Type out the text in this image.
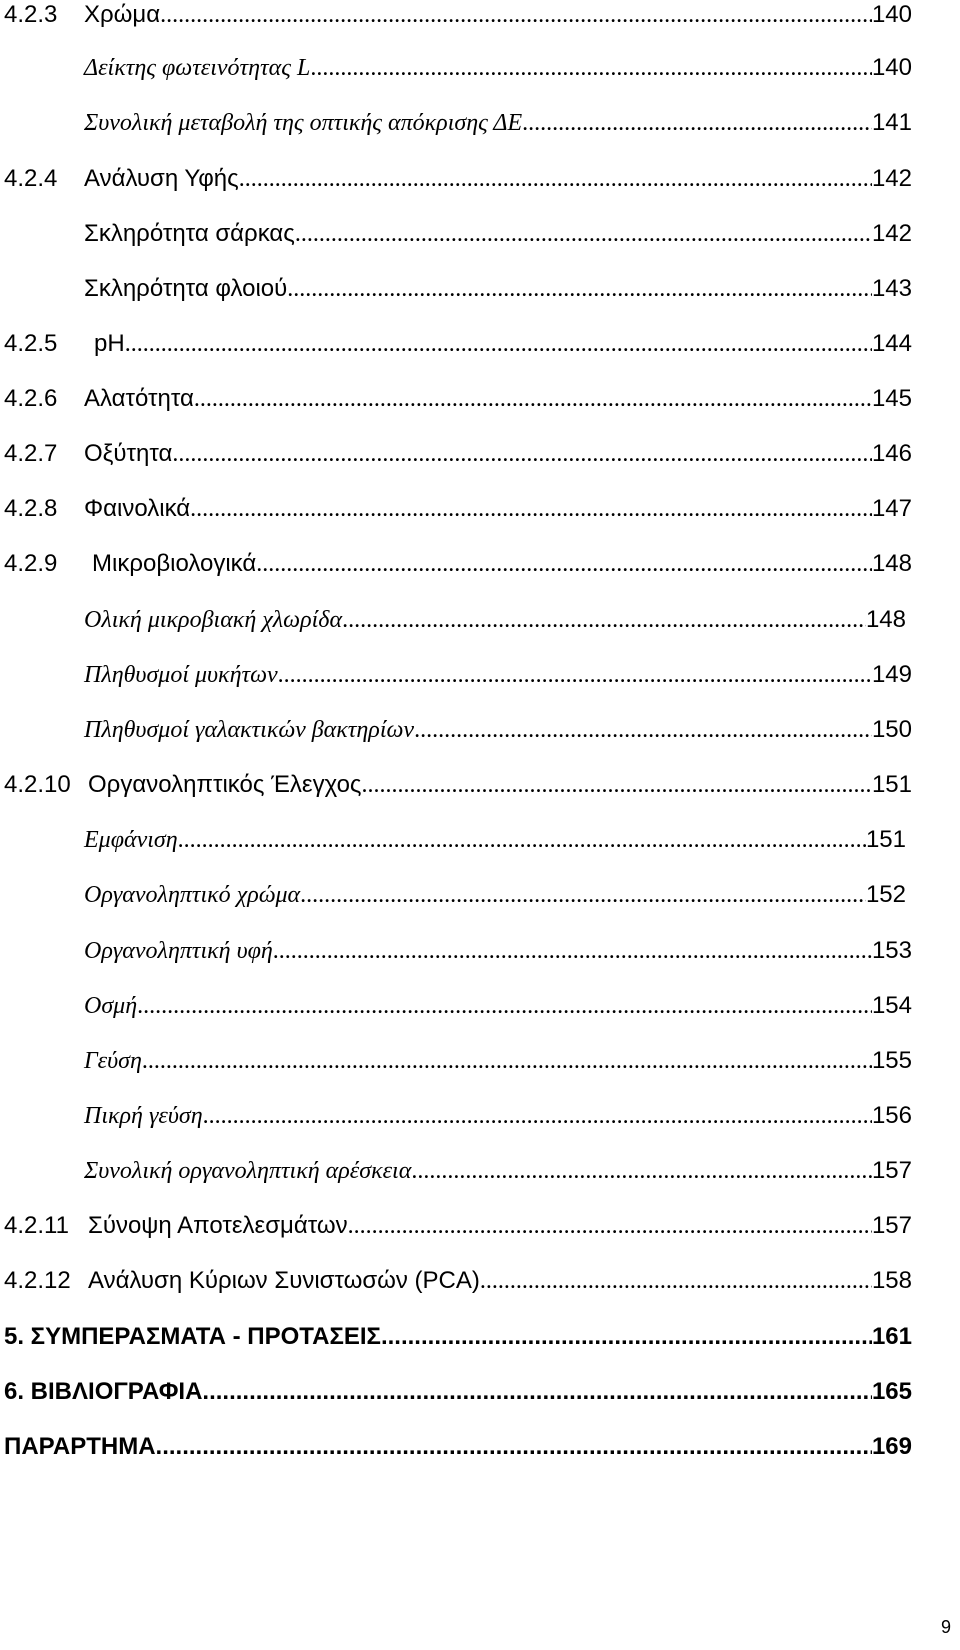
4.2.3	Χρώμα .....	140
Δείκτης φωτεινότητας L .....	140
Συνολική μεταβολή της οπτικής απόκρισης ΔΕ .....	141
4.2.4	Ανάλυση Υφής .....	142
Σκληρότητα σάρκας .....	142
Σκληρότητα φλοιού .....	143
4.2.5	pH .....	144
4.2.6	Αλατότητα .....	145
4.2.7	Οξύτητα .....	146
4.2.8	Φαινολικά .....	147
4.2.9	Μικροβιολογικά .....	148
Ολική μικροβιακή χλωρίδα .....	148
Πληθυσμοί μυκήτων .....	149
Πληθυσμοί γαλακτικών βακτηρίων .....	150
4.2.10 Οργανοληπτικός Έλεγχος .....	151
Εμφάνιση .....	151
Οργανοληπτικό χρώμα .....	152
Οργανοληπτική υφή .....	153
Οσμή .....	154
Γεύση .....	155
Πικρή γεύση .....	156
Συνολική οργανοληπτική αρέσκεια .....	157
4.2.11 Σύνοψη Αποτελεσμάτων .....	157
4.2.12 Ανάλυση Κύριων Συνιστωσών (PCA) .....	158
5. ΣΥΜΠΕΡΑΣΜΑΤΑ - ΠΡΟΤΑΣΕΙΣ .....	161
6. ΒΙΒΛΙΟΓΡΑΦΙΑ .....	165
ΠΑΡΑΡΤΗΜΑ .....	169
9
